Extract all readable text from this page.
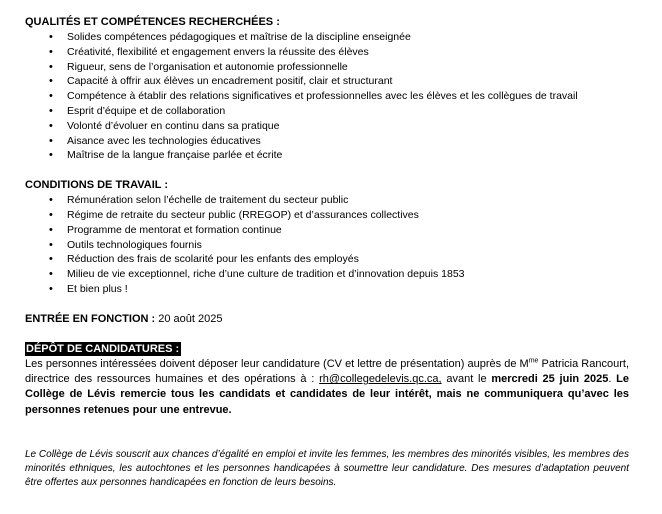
QUALITÉS ET COMPÉTENCES RECHERCHÉES :

• Solides compétences pédagogiques et maîtrise de la discipline enseignée
• Créativité, flexibilité et engagement envers la réussite des élèves
• Rigueur, sens de l’organisation et autonomie professionnelle
• Capacité à offrir aux élèves un encadrement positif, clair et structurant
• Compétence à établir des relations significatives et professionnelles avec les élèves et les collègues de travail
• Esprit d’équipe et de collaboration
• Volonté d’évoluer en continu dans sa pratique
• Aisance avec les technologies éducatives
• Maîtrise de la langue française parlée et écrite

CONDITIONS DE TRAVAIL :

• Rémunération selon l’échelle de traitement du secteur public
• Régime de retraite du secteur public (RREGOP) et d’assurances collectives
• Programme de mentorat et formation continue
• Outils technologiques fournis
• Réduction des frais de scolarité pour les enfants des employés
• Milieu de vie exceptionnel, riche d’une culture de tradition et d’innovation depuis 1853
• Et bien plus !
ENTRÉE EN FONCTION : 20 août 2025
DÉPÔT DE CANDIDATURES :

Les personnes intéressées doivent déposer leur candidature (CV et lettre de présentation) auprès de $M^{me}$ Patricia Rancourt, directrice des ressources humaines et des opérations à : rh@collegedelevis.qc.ca, avant le mercredi 25 juin 2025. Le Collège de Lévis remercie tous les candidats et candidates de leur intérêt, mais ne communiquera qu’avec les personnes retenues pour une entrevue.

Le Collège de Lévis souscrit aux chances d’égalité en emploi et invite les femmes, les membres des minorités visibles, les membres des minorités ethniques, les autochtones et les personnes handicapées à soumettre leur candidature. Des mesures d’adaptation peuvent être offertes aux personnes handicapées en fonction de leurs besoins.
